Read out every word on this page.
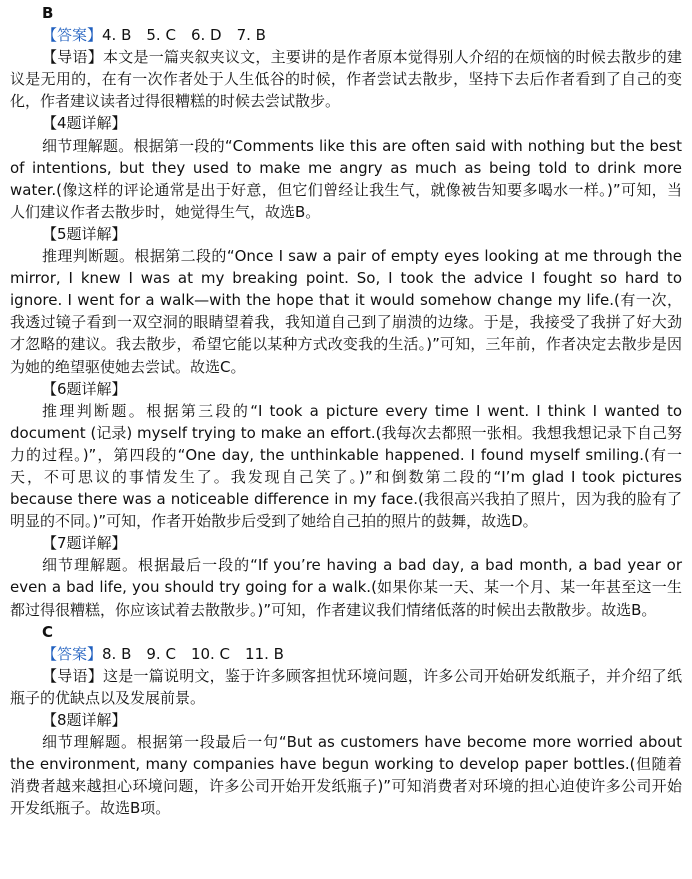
B
【答案】4. B　5. C　6. D　7. B

【导语】本文是一篇夹叙夹议文，主要讲的是作者原本觉得别人介绍的在烦恼的时候去散步的建议是无用的，在有一次作者处于人生低谷的时候，作者尝试去散步，坚持下去后作者看到了自己的变化，作者建议读者过得很糟糕的时候去尝试散步。

【4题详解】

细节理解题。根据第一段的“Comments like this are often said with nothing but the best of intentions, but they used to make me angry as much as being told to drink more water.(像这样的评论通常是出于好意，但它们曾经让我生气，就像被告知要多喝水一样。)”可知，当人们建议作者去散步时，她觉得生气，故选B。

【5题详解】

推理判断题。根据第二段的“Once I saw a pair of empty eyes looking at me through the mirror, I knew I was at my breaking point. So, I took the advice I fought so hard to ignore. I went for a walk—with the hope that it would somehow change my life.(有一次，我透过镜子看到一双空洞的眼睛望着我，我知道自己到了崩溃的边缘。于是，我接受了我拼了好大劲才忽略的建议。我去散步，希望它能以某种方式改变我的生活。)”可知，三年前，作者决定去散步是因为她的绝望驱使她去尝试。故选C。

【6题详解】

推理判断题。根据第三段的“I took a picture every time I went. I think I wanted to document (记录) myself trying to make an effort.(我每次去都照一张相。我想我想记录下自己努力的过程。)”，第四段的“One day, the unthinkable happened. I found myself smiling.(有一天，不可思议的事情发生了。我发现自己笑了。)”和倒数第二段的“I’m glad I took pictures because there was a noticeable difference in my face.(我很高兴我拍了照片，因为我的脸有了明显的不同。)”可知，作者开始散步后受到了她给自己拍的照片的鼓舞，故选D。

【7题详解】

细节理解题。根据最后一段的“If you’re having a bad day, a bad month, a bad year or even a bad life, you should try going for a walk.(如果你某一天、某一个月、某一年甚至这一生都过得很糟糕，你应该试着去散散步。)”可知，作者建议我们情绪低落的时候出去散散步。故选B。

C
【答案】8. B　9. C　10. C　11. B

【导语】这是一篇说明文，鉴于许多顾客担忧环境问题，许多公司开始研发纸瓶子，并介绍了纸瓶子的优缺点以及发展前景。

【8题详解】

细节理解题。根据第一段最后一句“But as customers have become more worried about the environment, many companies have begun working to develop paper bottles.(但随着消费者越来越担心环境问题，许多公司开始开发纸瓶子)”可知消费者对环境的担心迫使许多公司开始开发纸瓶子。故选B项。
